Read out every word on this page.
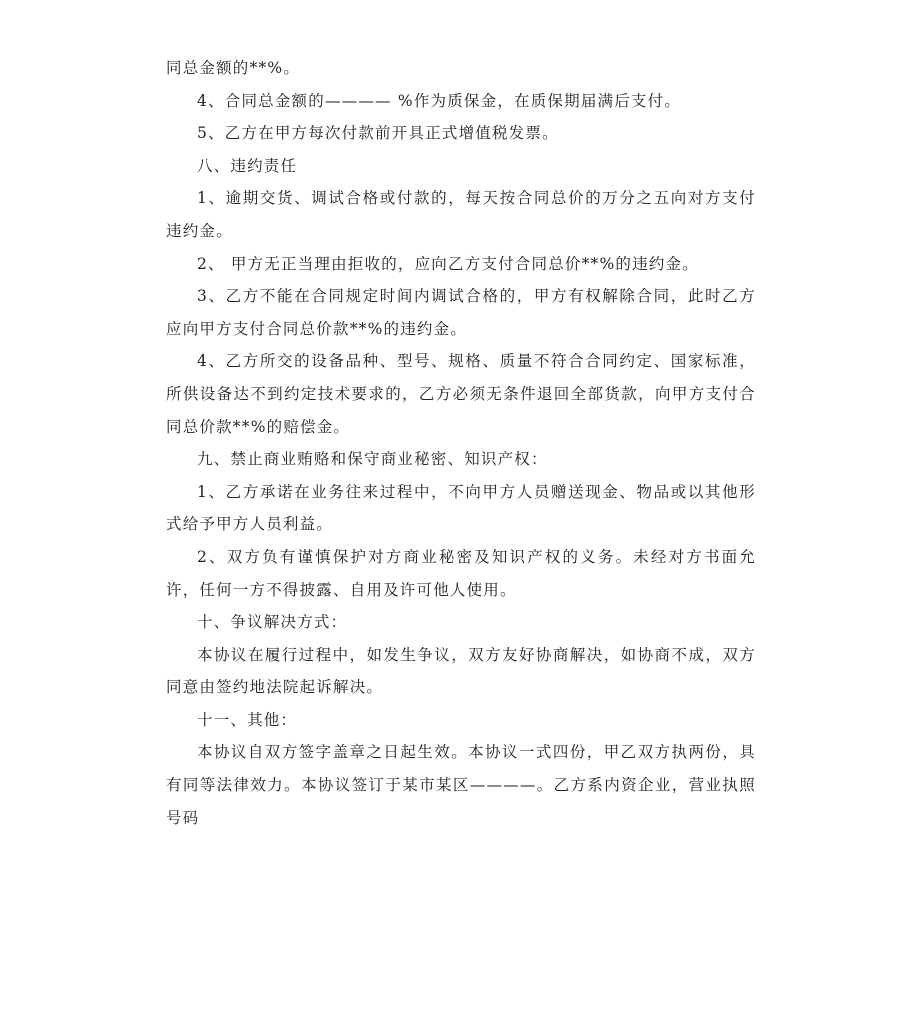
同总金额的**%。

4、合同总金额的———— %作为质保金，在质保期届满后支付。

5、乙方在甲方每次付款前开具正式增值税发票。

八、违约责任

1、逾期交货、调试合格或付款的，每天按合同总价的万分之五向对方支付违约金。

2、 甲方无正当理由拒收的，应向乙方支付合同总价**%的违约金。

3、乙方不能在合同规定时间内调试合格的，甲方有权解除合同，此时乙方应向甲方支付合同总价款**%的违约金。

4、乙方所交的设备品种、型号、规格、质量不符合合同约定、国家标准，所供设备达不到约定技术要求的，乙方必须无条件退回全部货款，向甲方支付合同总价款**%的赔偿金。

九、禁止商业贿赂和保守商业秘密、知识产权：

1、乙方承诺在业务往来过程中，不向甲方人员赠送现金、物品或以其他形式给予甲方人员利益。

2、双方负有谨慎保护对方商业秘密及知识产权的义务。未经对方书面允许，任何一方不得披露、自用及许可他人使用。

十、争议解决方式：

本协议在履行过程中，如发生争议，双方友好协商解决，如协商不成，双方同意由签约地法院起诉解决。

十一、其他：

本协议自双方签字盖章之日起生效。本协议一式四份，甲乙双方执两份，具有同等法律效力。本协议签订于某市某区————。乙方系内资企业，营业执照号码
